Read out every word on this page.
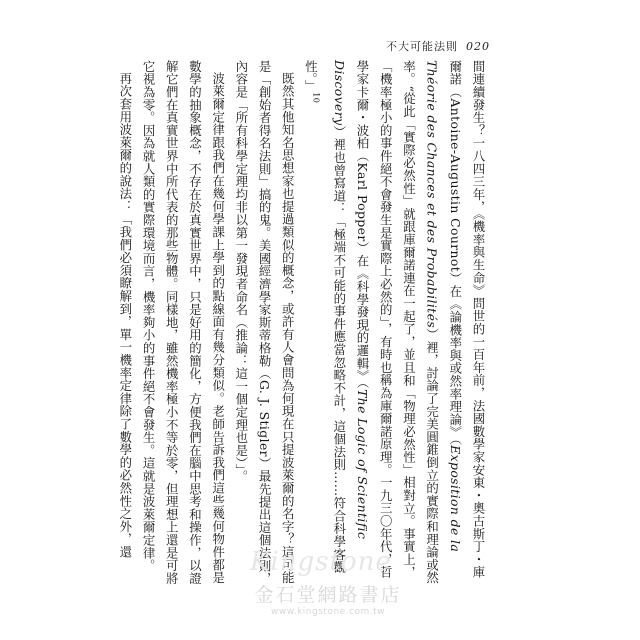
不大可能法則 020

間連續發生？一八四三年，《機率與生命》問世的一百年前，法國數學家安東・奧古斯丁・庫爾諾（Antoine-Augustin Cournot）在《論機率與或然率理論》（Exposition de la Théorie des Chances et des Probabilités）裡，討論了完美圓錐倒立的實際和理論或然率。“從此「實際必然性」就跟庫爾諾連在一起了，並且和「物理必然性」相對立。事實上，「機率極小的事件絕不會發生是實際上必然的」，有時也稱為庫爾諾原理。一九三〇年代，哲學家卡爾・波柏（Karl Popper）在《科學發現的邏輯》（The Logic of Scientific Discovery）裡也曾寫道：「極端不可能的事件應當忽略不計，這個法則……符合科學客觀性。」$^{10}$

既然其他知名思想家也提過類似的概念，或許有人會問為何現在只提波萊爾的名字？這可能是「創始者得名法則」搞的鬼。美國經濟學家斯蒂格勒（G. J. Stigler）最先提出這個法則，內容是「所有科學定理均非以第一發現者命名（推論：這一個定理也是）」。

波萊爾定律跟我們在幾何學課上學到的點線面有幾分類似。老師告訴我們這些幾何物件都是數學的抽象概念，不存在於真實世界中，只是好用的簡化，方便我們在腦中思考和操作，以證解它們在真實世界中所代表的那些物體。同樣地，雖然機率極小不等於零，但理想上還是可將它視為零。因為就人類的實際環境而言，機率夠小的事件絕不會發生。這就是波萊爾定律。

再次套用波萊爾的說法：「我們必須瞭解到，單一機率定律除了數學的必然性之外，還

Kingstone
金石堂網路書店
www.kingstone.com.tw
